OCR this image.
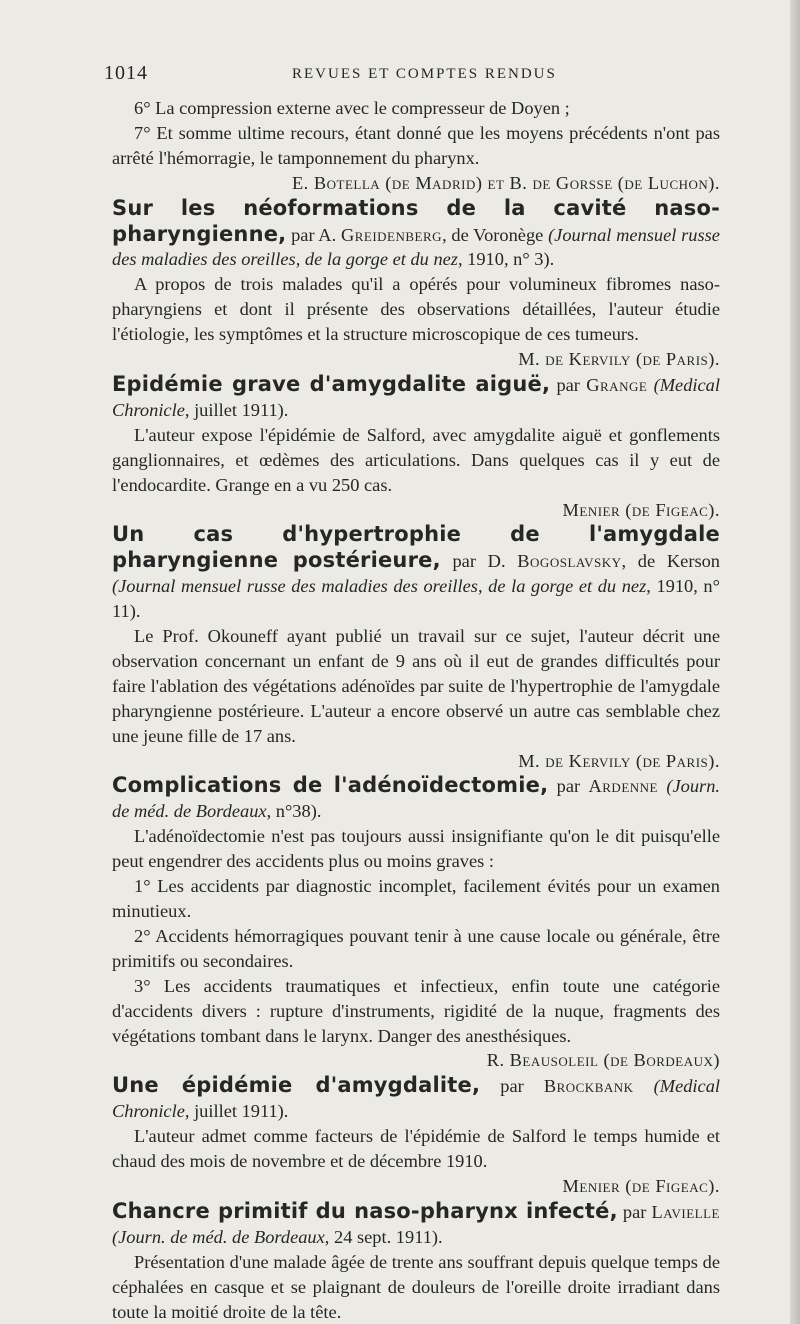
1014	REVUES ET COMPTES RENDUS

6° La compression externe avec le compresseur de Doyen ;

7° Et somme ultime recours, étant donné que les moyens précédents n'ont pas arrêté l'hémorragie, le tamponnement du pharynx.

E. Botella (de Madrid) et B. de Gorsse (de Luchon).

Sur les néoformations de la cavité naso-pharyngienne, par A. Greidenberg, de Voronège (Journal mensuel russe des maladies des oreilles, de la gorge et du nez, 1910, n° 3).

A propos de trois malades qu'il a opérés pour volumineux fibromes naso-pharyngiens et dont il présente des observations détaillées, l'auteur étudie l'étiologie, les symptômes et la structure microscopique de ces tumeurs.

M. de Kervily (de Paris).

Epidémie grave d'amygdalite aiguë, par Grange (Medical Chronicle, juillet 1911).

L'auteur expose l'épidémie de Salford, avec amygdalite aiguë et gonflements ganglionnaires, et œdèmes des articulations. Dans quelques cas il y eut de l'endocardite. Grange en a vu 250 cas.

Menier (de Figeac).

Un cas d'hypertrophie de l'amygdale pharyngienne postérieure, par D. Bogoslavsky, de Kerson (Journal mensuel russe des maladies des oreilles, de la gorge et du nez, 1910, n° 11).

Le Prof. Okouneff ayant publié un travail sur ce sujet, l'auteur décrit une observation concernant un enfant de 9 ans où il eut de grandes difficultés pour faire l'ablation des végétations adénoïdes par suite de l'hypertrophie de l'amygdale pharyngienne postérieure. L'auteur a encore observé un autre cas semblable chez une jeune fille de 17 ans.

M. de Kervily (de Paris).

Complications de l'adénoïdectomie, par Ardenne (Journ. de méd. de Bordeaux, n°38).

L'adénoïdectomie n'est pas toujours aussi insignifiante qu'on le dit puisqu'elle peut engendrer des accidents plus ou moins graves :

1° Les accidents par diagnostic incomplet, facilement évités pour un examen minutieux.

2° Accidents hémorragiques pouvant tenir à une cause locale ou générale, être primitifs ou secondaires.

3° Les accidents traumatiques et infectieux, enfin toute une catégorie d'accidents divers : rupture d'instruments, rigidité de la nuque, fragments des végétations tombant dans le larynx. Danger des anesthésiques.

R. Beausoleil (de Bordeaux)

Une épidémie d'amygdalite, par Brockbank (Medical Chronicle, juillet 1911).

L'auteur admet comme facteurs de l'épidémie de Salford le temps humide et chaud des mois de novembre et de décembre 1910.

Menier (de Figeac).

Chancre primitif du naso-pharynx infecté, par Lavielle (Journ. de méd. de Bordeaux, 24 sept. 1911).

Présentation d'une malade âgée de trente ans souffrant depuis quelque temps de céphalées en casque et se plaignant de douleurs de l'oreille droite irradiant dans toute la moitié droite de la tête.
